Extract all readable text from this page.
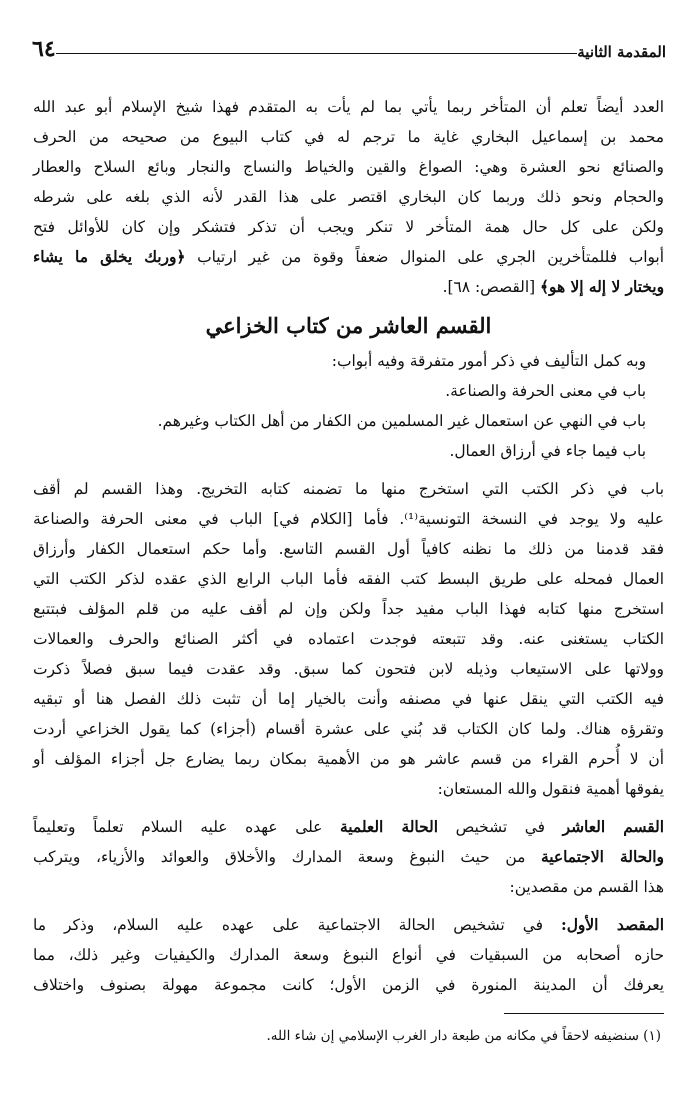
المقدمة الثانية
٦٤
العدد أيضاً تعلم أن المتأخر ربما يأتي بما لم يأت به المتقدم فهذا شيخ الإسلام أبو عبد الله
محمد بن إسماعيل البخاري غاية ما ترجم له في كتاب البيوع من صحيحه من الحرف
والصنائع نحو العشرة وهي: الصواغ والقين والخياط والنساج والنجار وبائع السلاح والعطار
والحجام ونحو ذلك وربما كان البخاري اقتصر على هذا القدر لأنه الذي بلغه على شرطه
ولكن على كل حال همة المتأخر لا تنكر ويجب أن تذكر فتشكر وإن كان للأوائل فتح
أبواب فللمتأخرين الجري على المنوال ضعفاً وقوة من غير ارتياب ﴿وربك يخلق ما يشاء
ويختار لا إله إلا هو﴾ [القصص: ٦٨].
القسم العاشر من كتاب الخزاعي
وبه كمل التأليف في ذكر أمور متفرقة وفيه أبواب:
باب في معنى الحرفة والصناعة.
باب في النهي عن استعمال غير المسلمين من الكفار من أهل الكتاب وغيرهم.
باب فيما جاء في أرزاق العمال.
باب في ذكر الكتب التي استخرج منها ما تضمنه كتابه التخريج. وهذا القسم لم أقف
عليه ولا يوجد في النسخة التونسية⁽¹⁾. فأما [الكلام في] الباب في معنى الحرفة والصناعة
فقد قدمنا من ذلك ما نظنه كافياً أول القسم التاسع. وأما حكم استعمال الكفار وأرزاق
العمال فمحله على طريق البسط كتب الفقه فأما الباب الرابع الذي عقده لذكر الكتب التي
استخرج منها كتابه فهذا الباب مفيد جداً ولكن وإن لم أقف عليه من قلم المؤلف فبتتبع
الكتاب يستغنى عنه. وقد تتبعته فوجدت اعتماده في أكثر الصنائع والحرف والعمالات
وولاتها على الاستيعاب وذيله لابن فتحون كما سبق. وقد عقدت فيما سبق فصلاً ذكرت
فيه الكتب التي ينقل عنها في مصنفه وأنت بالخيار إما أن تثبت ذلك الفصل هنا أو تبقيه
وتقرؤه هناك. ولما كان الكتاب قد بُني على عشرة أقسام (أجزاء) كما يقول الخزاعي أردت
أن لا أُحرم القراء من قسم عاشر هو من الأهمية بمكان ربما يضارع جل أجزاء المؤلف أو
يفوقها أهمية فنقول والله المستعان:
القسم العاشر في تشخيص الحالة العلمية على عهده عليه السلام تعلماً وتعليماً
والحالة الاجتماعية من حيث النبوغ وسعة المدارك والأخلاق والعوائد والأزياء، ويتركب
هذا القسم من مقصدين:
المقصد الأول: في تشخيص الحالة الاجتماعية على عهده عليه السلام، وذكر ما
حازه أصحابه من السبقيات في أنواع النبوغ وسعة المدارك والكيفيات وغير ذلك، مما
يعرفك أن المدينة المنورة في الزمن الأول؛ كانت مجموعة مهولة بصنوف واختلاف
(١) سنضيفه لاحقاً في مكانه من طبعة دار الغرب الإسلامي إن شاء الله.
